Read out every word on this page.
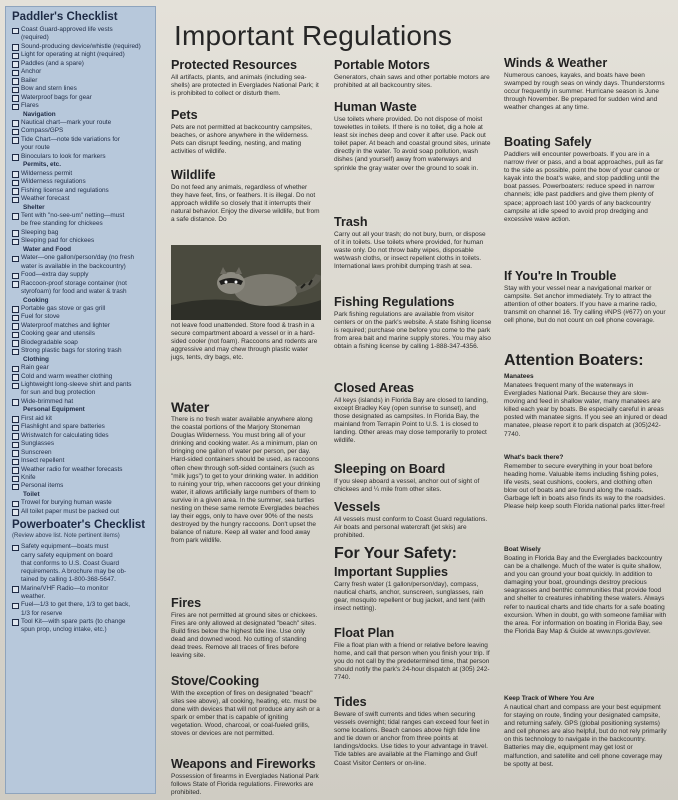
Paddler's Checklist
Coast Guard-approved life vests
(required)
Sound-producing device/whistle (required)
Light for operating at night (required)
Paddles (and a spare)
Anchor
Bailer
Bow and stern lines
Waterproof bags for gear
Flares
Navigation
Nautical chart—mark your route
Compass/GPS
Tide Chart—note tide variations for
your route
Binoculars to look for markers
Permits, etc.
Wilderness permit
Wilderness regulations
Fishing license and regulations
Weather forecast
Shelter
Tent with "no-see-um" netting—must
be free standing for chickees
Sleeping bag
Sleeping pad for chickees
Water and Food
Water—one gallon/person/day (no fresh
water is available in the backcountry)
Food—extra day supply
Raccoon-proof storage container (not
styrofoam) for food and water & trash
Cooking
Portable gas stove or gas grill
Fuel for stove
Waterproof matches and lighter
Cooking gear and utensils
Biodegradable soap
Strong plastic bags for storing trash
Clothing
Rain gear
Cold and warm weather clothing
Lightweight long-sleeve shirt and pants
for sun and bug protection
Wide-brimmed hat
Personal Equipment
First aid kit
Flashlight and spare batteries
Wristwatch for calculating tides
Sunglasses
Sunscreen
Insect repellent
Weather radio for weather forecasts
Knife
Personal items
Toilet
Trowel for burying human waste
All toilet paper must be packed out
Powerboater's Checklist
(Review above list. Note pertinent items)
Safety equipment—boats must
carry safety equipment on board
that conforms to U.S. Coast Guard
requirements. A brochure may be ob-
tained by calling 1-800-368-5647.
Marine/VHF Radio—to monitor
weather.
Fuel—1/3 to get there, 1/3 to get back,
1/3 for reserve
Tool Kit—with spare parts (to change
spun prop, unclog intake, etc.)
Important Regulations
Protected Resources
All artifacts, plants, and animals (including sea-shells) are protected in Everglades National Park; it is prohibited to collect or disturb them.
Pets
Pets are not permitted at backcountry campsites, beaches, or ashore anywhere in the wilderness. Pets can disrupt feeding, nesting, and mating activities of wildlife.
Wildlife
Do not feed any animals, regardless of whether they have feet, fins, or feathers. It is illegal. Do not approach wildlife so closely that it interrupts their natural behavior. Enjoy the diverse wildlife, but from a safe distance. Do
not leave food unattended. Store food & trash in a secure compartment aboard a vessel or in a hard-sided cooler (not foam). Raccoons and rodents are aggressive and may chew through plastic water jugs, tents, dry bags, etc.
Water
There is no fresh water available anywhere along the coastal portions of the Marjory Stoneman Douglas Wilderness. You must bring all of your drinking and cooking water. As a minimum, plan on bringing one gallon of water per person, per day. Hard-sided containers should be used, as raccoons often chew through soft-sided containers (such as "milk jugs") to get to your drinking water. In addition to ruining your trip, when raccoons get your drinking water, it allows artificially large numbers of them to survive in a given area. In the summer, sea turtles nesting on these same remote Everglades beaches lay their eggs, only to have over 90% of the nests destroyed by the hungry raccoons. Don't upset the balance of nature. Keep all water and food away from park wildlife.
Fires
Fires are not permitted at ground sites or chickees. Fires are only allowed at designated "beach" sites. Build fires below the highest tide line. Use only dead and downed wood. No cutting of standing dead trees. Remove all traces of fires before leaving site.
Stove/Cooking
With the exception of fires on designated "beach" sites see above), all cooking, heating, etc. must be done with devices that will not produce any ash or a spark or ember that is capable of igniting vegetation. Wood, charcoal, or coal-fueled grills, stoves or devices are not permitted.
Weapons and Fireworks
Possession of firearms in Everglades National Park follows State of Florida regulations. Fireworks are prohibited.
Portable Motors
Generators, chain saws and other portable motors are prohibited at all backcountry sites.
Human Waste
Use toilets where provided. Do not dispose of moist towelettes in toilets. If there is no toilet, dig a hole at least six inches deep and cover it after use. Pack out toilet paper. At beach and coastal ground sites, urinate directly in the water. To avoid soap pollution, wash dishes (and yourself) away from waterways and sprinkle the gray water over the ground to soak in.
Trash
Carry out all your trash; do not bury, burn, or dispose of it in toilets. Use toilets where provided, for human waste only. Do not throw baby wipes, disposable wet/wash cloths, or insect repellent cloths in toilets. International laws prohibit dumping trash at sea.
Fishing Regulations
Park fishing regulations are available from visitor centers or on the park's website. A state fishing license is required; purchase one before you come to the park from area bait and marine supply stores. You may also obtain a fishing license by calling 1-888-347-4356.
Closed Areas
All keys (islands) in Florida Bay are closed to landing, except Bradley Key (open sunrise to sunset), and those designated as campsites. In Florida Bay, the mainland from Terrapin Point to U.S. 1 is closed to landing. Other areas may close temporarily to protect wildlife.
Sleeping on Board
If you sleep aboard a vessel, anchor out of sight of chickees and ¼ mile from other sites.
Vessels
All vessels must conform to Coast Guard regulations. Air boats and personal watercraft (jet skis) are prohibited.
For Your Safety:
Important Supplies
Carry fresh water (1 gallon/person/day), compass, nautical charts, anchor, sunscreen, sunglasses, rain gear, mosquito repellent or bug jacket, and tent (with insect netting).
Float Plan
File a float plan with a friend or relative before leaving home, and call that person when you finish your trip. If you do not call by the predetermined time, that person should notify the park's 24-hour dispatch at (305) 242-7740.
Tides
Beware of swift currents and tides when securing vessels overnight; tidal ranges can exceed four feet in some locations. Beach canoes above high tide line and tie down or anchor from three points at landings/docks. Use tides to your advantage in travel. Tide tables are available at the Flamingo and Gulf Coast Visitor Centers or on-line.
Winds & Weather
Numerous canoes, kayaks, and boats have been swamped by rough seas on windy days. Thunderstorms occur frequently in summer. Hurricane season is June through November. Be prepared for sudden wind and weather changes at any time.
Boating Safely
Paddlers will encounter powerboats. If you are in a narrow river or pass, and a boat approaches, pull as far to the side as possible, point the bow of your canoe or kayak into the boat's wake, and stop paddling until the boat passes. Powerboaters: reduce speed in narrow channels; idle past paddlers and give them plenty of space; approach last 100 yards of any backcountry campsite at idle speed to avoid prop dredging and excessive wave action.
If You're In Trouble
Stay with your vessel near a navigational marker or campsite. Set anchor immediately. Try to attract the attention of other boaters. If you have a marine radio, transmit on channel 16. Try calling #NPS (#677) on your cell phone, but do not count on cell phone coverage.
Attention Boaters:
Manatees
Manatees frequent many of the waterways in Everglades National Park. Because they are slow-moving and feed in shallow water, many manatees are killed each year by boats. Be especially careful in areas posted with manatee signs. If you see an injured or dead manatee, please report it to park dispatch at (305)242-7740.
What's back there?
Remember to secure everything in your boat before heading home. Valuable items including fishing poles, life vests, seat cushions, coolers, and clothing often blow out of boats and are found along the roads. Garbage left in boats also finds its way to the roadsides. Please help keep south Florida national parks litter-free!
Boat Wisely
Boating in Florida Bay and the Everglades backcountry can be a challenge. Much of the water is quite shallow, and you can ground your boat quickly. In addition to damaging your boat, groundings destroy precious seagrasses and benthic communities that provide food and shelter to creatures inhabiting these waters. Always refer to nautical charts and tide charts for a safe boating excursion. When in doubt, go with someone familiar with the area. For information on boating in Florida Bay, see the Florida Bay Map & Guide at www.nps.gov/ever.
Keep Track of Where You Are
A nautical chart and compass are your best equipment for staying on route, finding your designated campsite, and returning safely. GPS (global positioning systems) and cell phones are also helpful, but do not rely primarily on this technology to navigate in the backcountry. Batteries may die, equipment may get lost or malfunction, and satellite and cell phone coverage may be spotty at best.
